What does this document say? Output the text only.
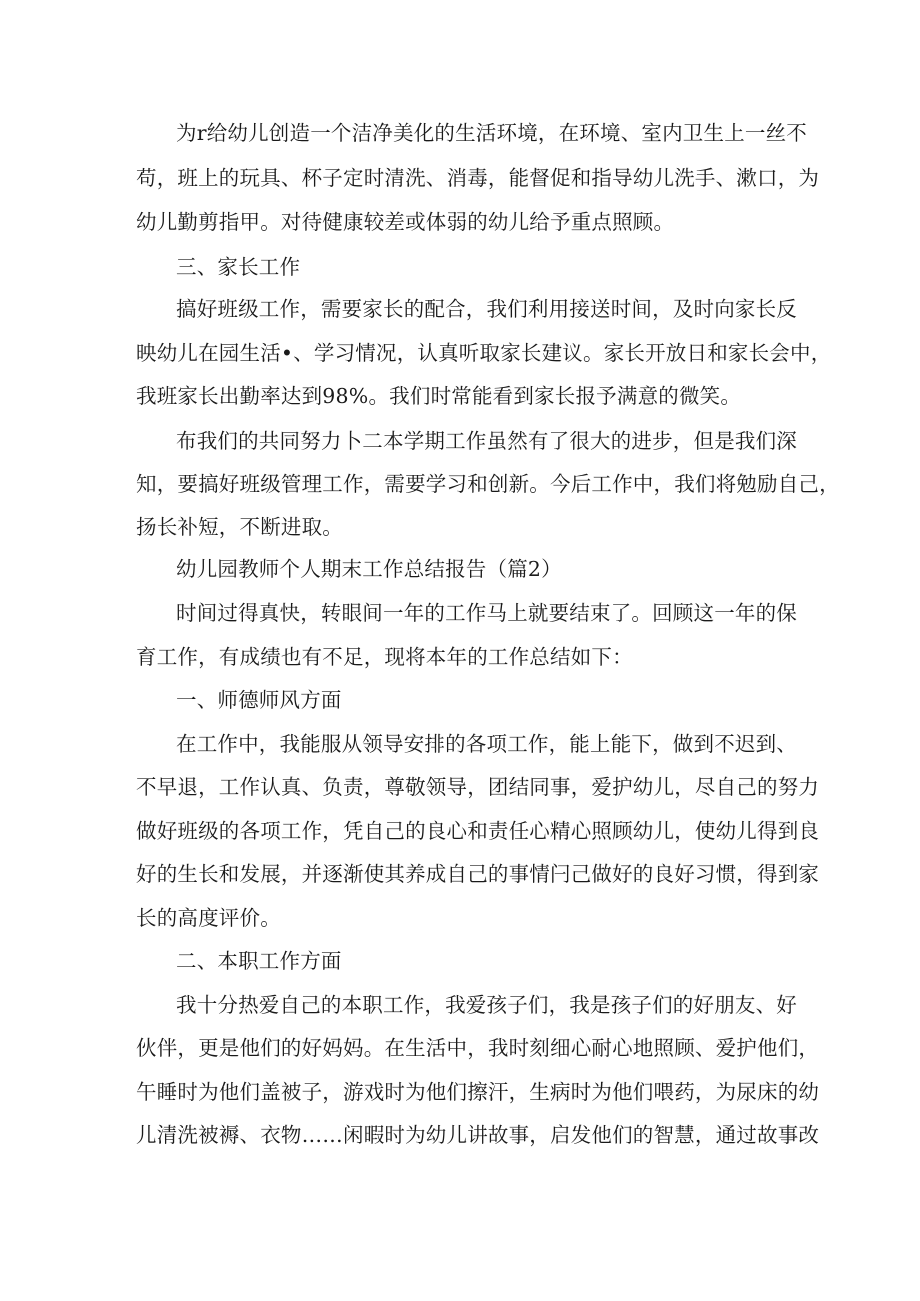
为r给幼儿创造一个洁净美化的生活环境，在环境、室内卫生上一丝不
苟，班上的玩具、杯子定时清洗、消毒，能督促和指导幼儿洗手、漱口，为
幼儿勤剪指甲。对待健康较差或体弱的幼儿给予重点照顾。
三、家长工作
搞好班级工作，需要家长的配合，我们利用接送时间，及时向家长反
映幼儿在园生活•、学习情况，认真听取家长建议。家长开放日和家长会中，
我班家长出勤率达到98%。我们时常能看到家长报予满意的微笑。
布我们的共同努力卜二本学期工作虽然有了很大的进步，但是我们深
知，要搞好班级管理工作，需要学习和创新。今后工作中，我们将勉励自己，
扬长补短，不断进取。
幼儿园教师个人期末工作总结报告（篇2）
时间过得真快，转眼间一年的工作马上就要结束了。回顾这一年的保
育工作，有成绩也有不足，现将本年的工作总结如下：
一、师德师风方面
在工作中，我能服从领导安排的各项工作，能上能下，做到不迟到、
不早退，工作认真、负责，尊敬领导，团结同事，爱护幼儿，尽自己的努力
做好班级的各项工作，凭自己的良心和责任心精心照顾幼儿，使幼儿得到良
好的生长和发展，并逐渐使其养成自己的事情闩己做好的良好习惯，得到家
长的高度评价。
二、本职工作方面
我十分热爱自己的本职工作，我爱孩子们，我是孩子们的好朋友、好
伙伴，更是他们的好妈妈。在生活中，我时刻细心耐心地照顾、爱护他们，
午睡时为他们盖被子，游戏时为他们擦汗，生病时为他们喂药，为尿床的幼
儿清洗被褥、衣物……闲暇时为幼儿讲故事，启发他们的智慧，通过故事改
